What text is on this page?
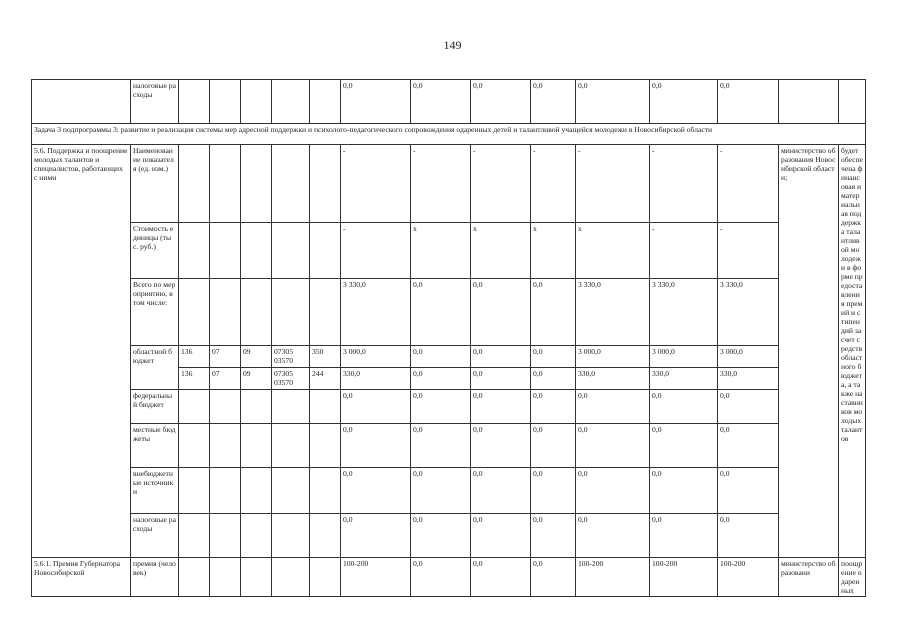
149
	налоговые расходы						0,0	0,0	0,0	0,0	0,0	0,0	0,0		
Задача 3 подпрограммы 3: развитие и реализация системы мер адресной поддержки и психолого-педагогического сопровождения одаренных детей и талантливой учащейся молодежи в Новосибирской области															
5.6. Поддержка и поощрение молодых талантов и специалистов, работающих с ними	Наименование показателя (ед. изм.)						-	-	-	-	-	-	-	министерство образования Новосибирской области;	будет обеспечена финансовая и материальная поддержка талантливой молодежи в форме предоставления премий и стипендий за счет средств областного бюджета, а также наставников молодых талантов
	Стоимость единицы (тыс. руб.)						-	x	x	x	x	-	-		
	Всего по мероприятию, в том числе:						3 330,0	0,0	0,0	0,0	3 330,0	3 330,0	3 330,0		
	областной бюджет	136	07	09	07305 03570	350	3 000,0	0,0	0,0	0,0	3 000,0	3 000,0	3 000,0		
		136	07	09	07305 03570	244	330,0	0,0	0,0	0,0	330,0	330,0	330,0		
	федеральный бюджет						0,0	0,0	0,0	0,0	0,0	0,0	0,0		
	местные бюджеты						0,0	0,0	0,0	0,0	0,0	0,0	0,0		
	внебюджетные источники						0,0	0,0	0,0	0,0	0,0	0,0	0,0		
	налоговые расходы						0,0	0,0	0,0	0,0	0,0	0,0	0,0		
5.6.1. Премия Губернатора Новосибирской	премия (человек)						100-200	0,0	0,0	0,0	100-200	100-200	100-200	министерство образовани	поощрение одаренных
